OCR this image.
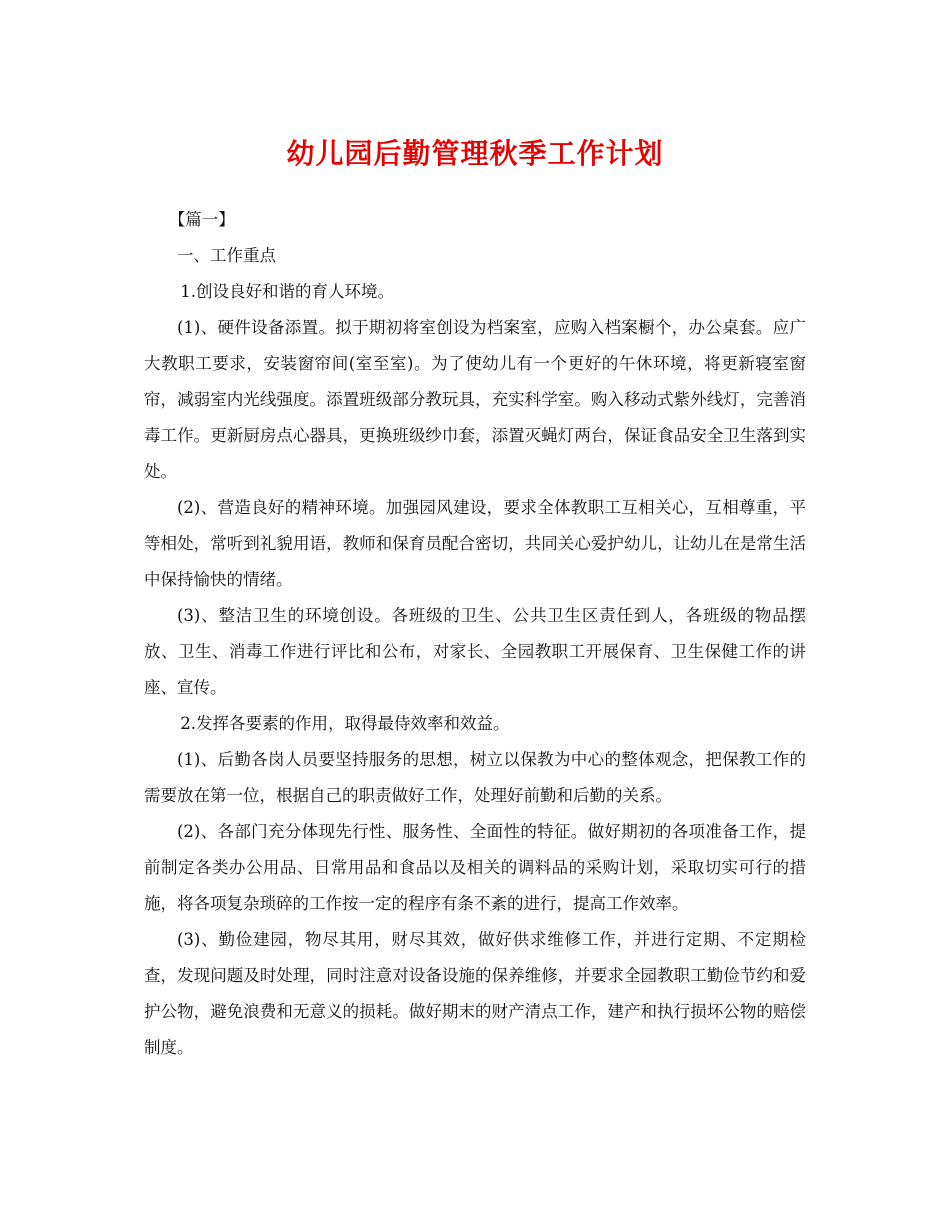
幼儿园后勤管理秋季工作计划

【篇一】

一、工作重点

1.创设良好和谐的育人环境。

(1)、硬件设备添置。拟于期初将室创设为档案室，应购入档案橱个，办公桌套。应广大教职工要求，安装窗帘间(室至室)。为了使幼儿有一个更好的午休环境，将更新寝室窗帘，减弱室内光线强度。添置班级部分教玩具，充实科学室。购入移动式紫外线灯，完善消毒工作。更新厨房点心器具，更换班级纱巾套，添置灭蝇灯两台，保证食品安全卫生落到实处。

(2)、营造良好的精神环境。加强园风建设，要求全体教职工互相关心，互相尊重，平等相处，常听到礼貌用语，教师和保育员配合密切，共同关心爱护幼儿，让幼儿在是常生活中保持愉快的情绪。

(3)、整洁卫生的环境创设。各班级的卫生、公共卫生区责任到人，各班级的物品摆放、卫生、消毒工作进行评比和公布，对家长、全园教职工开展保育、卫生保健工作的讲座、宣传。

2.发挥各要素的作用，取得最侍效率和效益。

(1)、后勤各岗人员要坚持服务的思想，树立以保教为中心的整体观念，把保教工作的需要放在第一位，根据自己的职责做好工作，处理好前勤和后勤的关系。

(2)、各部门充分体现先行性、服务性、全面性的特征。做好期初的各项准备工作，提前制定各类办公用品、日常用品和食品以及相关的调料品的采购计划，采取切实可行的措施，将各项复杂琐碎的工作按一定的程序有条不紊的进行，提高工作效率。

(3)、勤俭建园，物尽其用，财尽其效，做好供求维修工作，并进行定期、不定期检查，发现问题及时处理，同时注意对设备设施的保养维修，并要求全园教职工勤俭节约和爱护公物，避免浪费和无意义的损耗。做好期末的财产清点工作，建产和执行损坏公物的赔偿制度。
